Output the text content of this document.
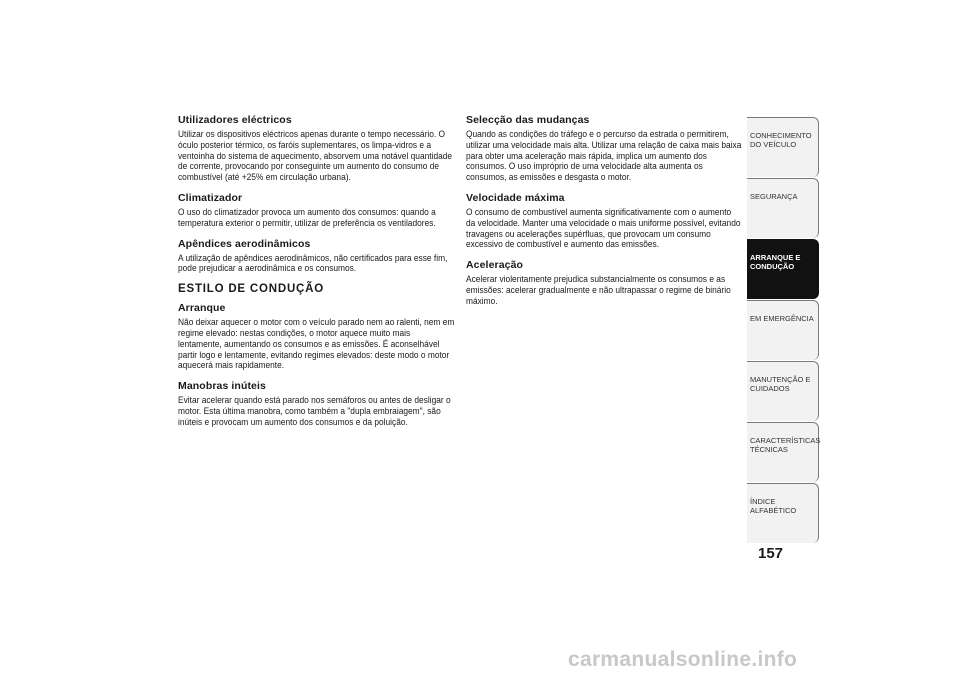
Utilizadores eléctricos

Utilizar os dispositivos eléctricos apenas durante o tempo necessário. O óculo posterior térmico, os faróis suplementares, os limpa-vidros e a ventoinha do sistema de aquecimento, absorvem uma notável quantidade de corrente, provocando por conseguinte um aumento do consumo de combustível (até +25% em circulação urbana).

Climatizador

O uso do climatizador provoca um aumento dos consumos: quando a temperatura exterior o permitir, utilizar de preferência os ventiladores.

Apêndices aerodinâmicos

A utilização de apêndices aerodinâmicos, não certificados para esse fim, pode prejudicar a aerodinâmica e os consumos.

ESTILO DE CONDUÇÃO
Arranque

Não deixar aquecer o motor com o veículo parado nem ao ralenti, nem em regime elevado: nestas condições, o motor aquece muito mais lentamente, aumentando os consumos e as emissões. É aconselhável partir logo e lentamente, evitando regimes elevados: deste modo o motor aquecerá mais rapidamente.

Manobras inúteis

Evitar acelerar quando está parado nos semáforos ou antes de desligar o motor. Esta última manobra, como também a "dupla embraiagem", são inúteis e provocam um aumento dos consumos e da poluição.

Selecção das mudanças

Quando as condições do tráfego e o percurso da estrada o permitirem, utilizar uma velocidade mais alta. Utilizar uma relação de caixa mais baixa para obter uma aceleração mais rápida, implica um aumento dos consumos. O uso impróprio de uma velocidade alta aumenta os consumos, as emissões e desgasta o motor.

Velocidade máxima

O consumo de combustível aumenta significativamente com o aumento da velocidade. Manter uma velocidade o mais uniforme possível, evitando travagens ou acelerações supérfluas, que provocam um consumo excessivo de combustível e aumento das emissões.

Aceleração

Acelerar violentamente prejudica substancialmente os consumos e as emissões: acelerar gradualmente e não ultrapassar o regime de binário máximo.

CONHECIMENTO DO VEÍCULO
SEGURANÇA
ARRANQUE E CONDUÇÃO
EM EMERGÊNCIA
MANUTENÇÃO E CUIDADOS
CARACTERÍSTICAS TÉCNICAS
ÍNDICE ALFABÉTICO
157
carmanualsonline.info
